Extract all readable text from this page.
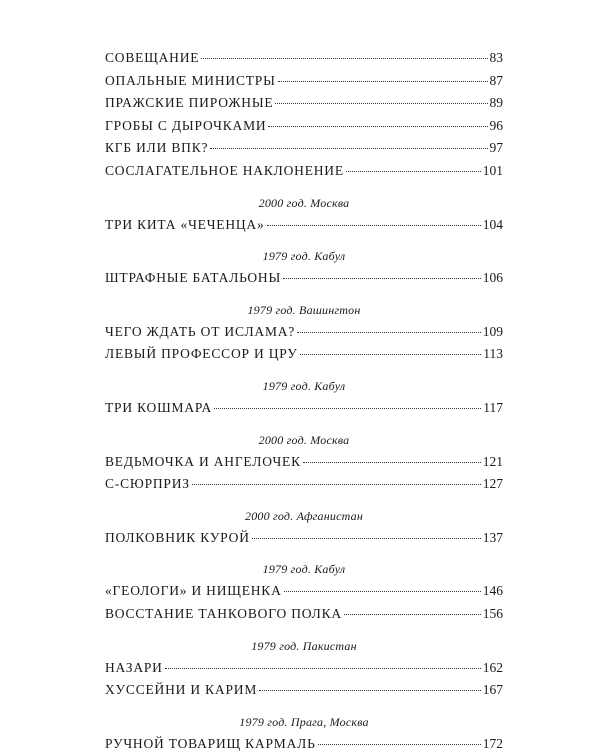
СОВЕЩАНИЕ	83
ОПАЛЬНЫЕ МИНИСТРЫ	87
ПРАЖСКИЕ ПИРОЖНЫЕ	89
ГРОБЫ С ДЫРОЧКАМИ	96
КГБ ИЛИ ВПК?	97
СОСЛАГАТЕЛЬНОЕ НАКЛОНЕНИЕ	101
2000 год. Москва
ТРИ КИТА «ЧЕЧЕНЦА»	104
1979 год. Кабул
ШТРАФНЫЕ БАТАЛЬОНЫ	106
1979 год. Вашингтон
ЧЕГО ЖДАТЬ ОТ ИСЛАМА?	109
ЛЕВЫЙ ПРОФЕССОР И ЦРУ	113
1979 год. Кабул
ТРИ КОШМАРА	117
2000 год. Москва
ВЕДЬМОЧКА И АНГЕЛОЧЕК	121
С-СЮРПРИЗ	127
2000 год. Афганистан
ПОЛКОВНИК КУРОЙ	137
1979 год. Кабул
«ГЕОЛОГИ» И НИЩЕНКА	146
ВОССТАНИЕ ТАНКОВОГО ПОЛКА	156
1979 год. Пакистан
НАЗАРИ	162
ХУССЕЙНИ И КАРИМ	167
1979 год. Прага, Москва
РУЧНОЙ ТОВАРИЩ КАРМАЛЬ	172
